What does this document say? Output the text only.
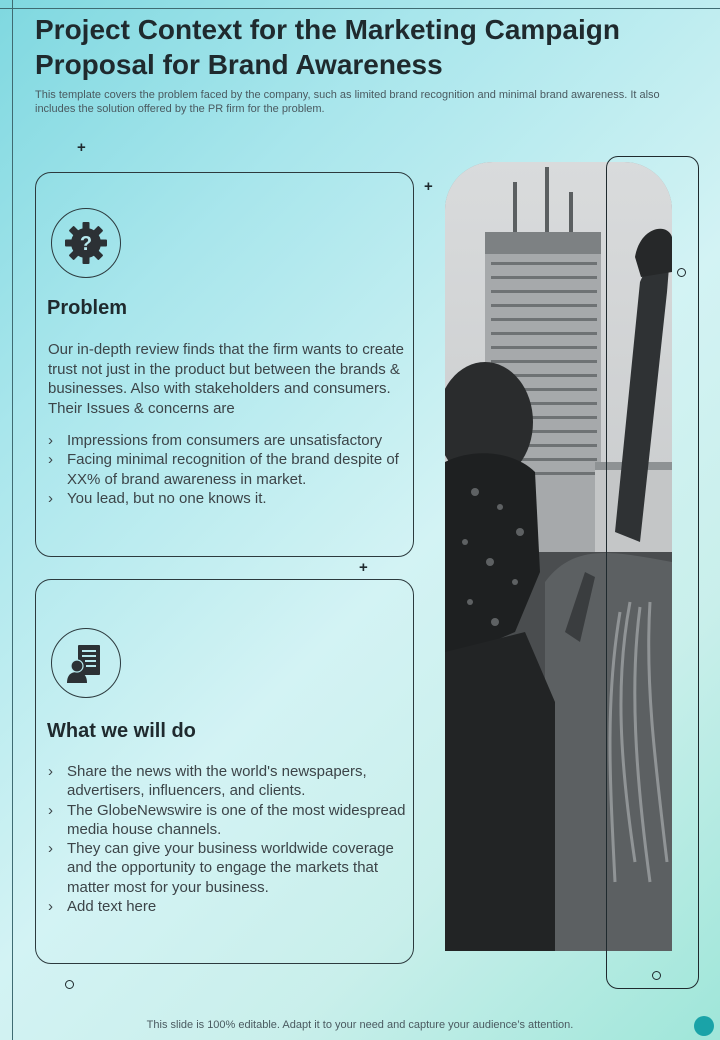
Project Context for the Marketing Campaign Proposal for Brand Awareness

This template covers the problem faced by the company, such as limited brand recognition and minimal brand awareness. It also includes the solution offered by the PR firm for the problem.

+
+
+
?
Problem

Our in-depth review finds that the firm wants to create trust not just in the product but between the brands & businesses. Also with stakeholders and consumers. Their Issues & concerns are

› Impressions from consumers are unsatisfactory
› Facing minimal recognition of the brand despite of XX% of brand awareness in market.
› You lead, but no one knows it.
What we will do
› Share the news with the world's newspapers, advertisers, influencers, and clients.
› The GlobeNewswire is one of the most widespread media house channels.
› They can give your business worldwide coverage and the opportunity to engage the markets that matter most for your business.
› Add text here

This slide is 100% editable. Adapt it to your need and capture your audience’s attention.
